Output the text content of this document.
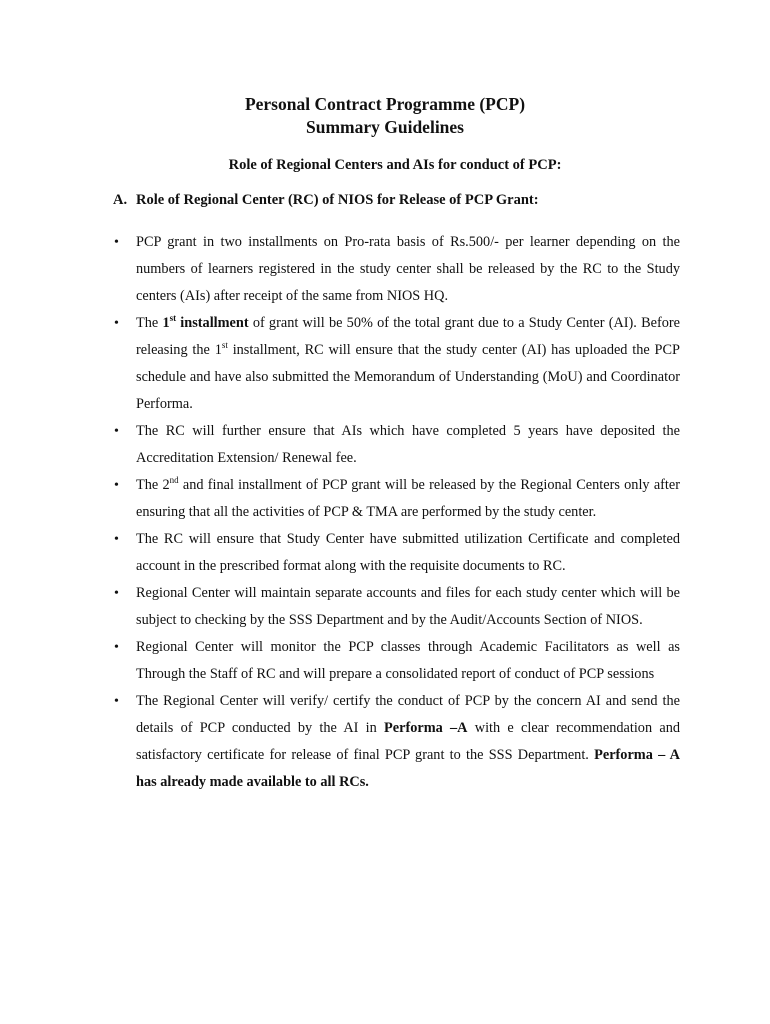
Personal Contract Programme (PCP)
Summary Guidelines
Role of Regional Centers and AIs for conduct of PCP:
A. Role of Regional Center (RC) of NIOS for Release of PCP Grant:
• PCP grant in two installments on Pro-rata basis of Rs.500/- per learner depending on the numbers of learners registered in the study center shall be released by the RC to the Study centers (AIs) after receipt of the same from NIOS HQ.
• The 1st installment of grant will be 50% of the total grant due to a Study Center (AI). Before releasing the 1st installment, RC will ensure that the study center (AI) has uploaded the PCP schedule and have also submitted the Memorandum of Understanding (MoU) and Coordinator Performa.
• The RC will further ensure that AIs which have completed 5 years have deposited the Accreditation Extension/ Renewal fee.
• The 2nd and final installment of PCP grant will be released by the Regional Centers only after ensuring that all the activities of PCP & TMA are performed by the study center.
• The RC will ensure that Study Center have submitted utilization Certificate and completed account in the prescribed format along with the requisite documents to RC.
• Regional Center will maintain separate accounts and files for each study center which will be subject to checking by the SSS Department and by the Audit/Accounts Section of NIOS.
• Regional Center will monitor the PCP classes through Academic Facilitators as well as Through the Staff of RC and will prepare a consolidated report of conduct of PCP sessions
• The Regional Center will verify/ certify the conduct of PCP by the concern AI and send the details of PCP conducted by the AI in Performa –A with e clear recommendation and satisfactory certificate for release of final PCP grant to the SSS Department. Performa – A has already made available to all RCs.
